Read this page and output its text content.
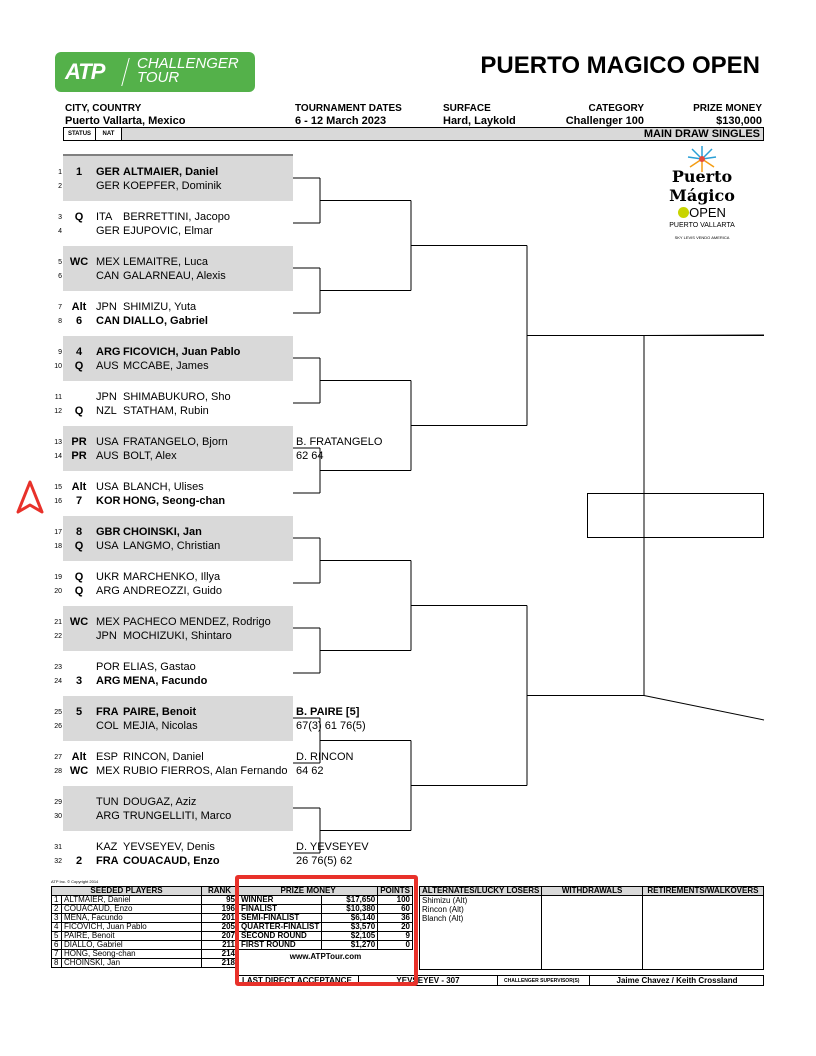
ATP CHALLENGER
TOUR	PUERTO MAGICO OPEN
CITY, COUNTRY
Puerto Vallarta, Mexico
TOURNAMENT DATES
6 - 12 March 2023
SURFACE
Hard, Laykold
CATEGORY
Challenger 100
PRIZE MONEY
$130,000
STATUS	NAT	MAIN DRAW SINGLES
Puerto Mágico
OPEN
PUERTO VALLARTA
SKY LEVIS VENDO AMERICA
1	1	GER ALTMAIER, Daniel
2	GER KOEPFER, Dominik
3	Q	ITA BERRETTINI, Jacopo
4	GER EJUPOVIC, Elmar
5 WC MEX LEMAITRE, Luca
6	CAN GALARNEAU, Alexis
7 Alt JPN SHIMIZU, Yuta
8	6	CAN DIALLO, Gabriel
9	4	ARG FICOVICH, Juan Pablo
10	Q	AUS MCCABE, James
11	JPN SHIMABUKURO, Sho
12	Q	NZL STATHAM, Rubin
13 PR USA FRATANGELO, Bjorn
14 PR AUS BOLT, Alex
15 Alt USA BLANCH, Ulises
16	7	KOR HONG, Seong-chan
17	8	GBR CHOINSKI, Jan
18	Q	USA LANGMO, Christian
19	Q	UKR MARCHENKO, Illya
20	Q	ARG ANDREOZZI, Guido
21 WC MEX PACHECO MENDEZ, Rodrigo
22	JPN MOCHIZUKI, Shintaro
23	POR ELIAS, Gastao
24	3	ARG MENA, Facundo
25	5	FRA PAIRE, Benoit
26	COL MEJIA, Nicolas
27 Alt ESP RINCON, Daniel
28 WC MEX RUBIO FIERROS, Alan Fernando
29	TUN DOUGAZ, Aziz
30	ARG TRUNGELLITI, Marco
31	KAZ YEVSEYEV, Denis
32	2	FRA COUACAUD, Enzo
B. FRATANGELO
62 64
B. PAIRE [5]
67(3) 61 76(5)
D. RINCON
64 62
D. YEVSEYEV
26 76(5) 62
ATP Inc. © Copyright 2014
SEEDED PLAYERS		RANK
1	ALTMAIER, Daniel	95
2	COUACAUD, Enzo	196
3	MENA, Facundo	201
4	FICOVICH, Juan Pablo	205
5	PAIRE, Benoit	207
6	DIALLO, Gabriel	211
7	HONG, Seong-chan	214
8	CHOINSKI, Jan	218
PRIZE MONEY		POINTS
WINNER	$17,650	100
FINALIST	$10,380	60
SEMI-FINALIST	$6,140	36
QUARTER-FINALIST	$3,570	20
SECOND ROUND	$2,105	9
FIRST ROUND	$1,270	0
www.ATPTour.com
ALTERNATES/LUCKY LOSERS	WITHDRAWALS	RETIREMENTS/WALKOVERS

Shimizu (Alt)
Rincon (Alt)
Blanch (Alt)		

LAST DIRECT ACCEPTANCE	YEVSEYEV - 307	CHALLENGER SUPERVISOR(S)	Jaime Chavez / Keith Crossland
